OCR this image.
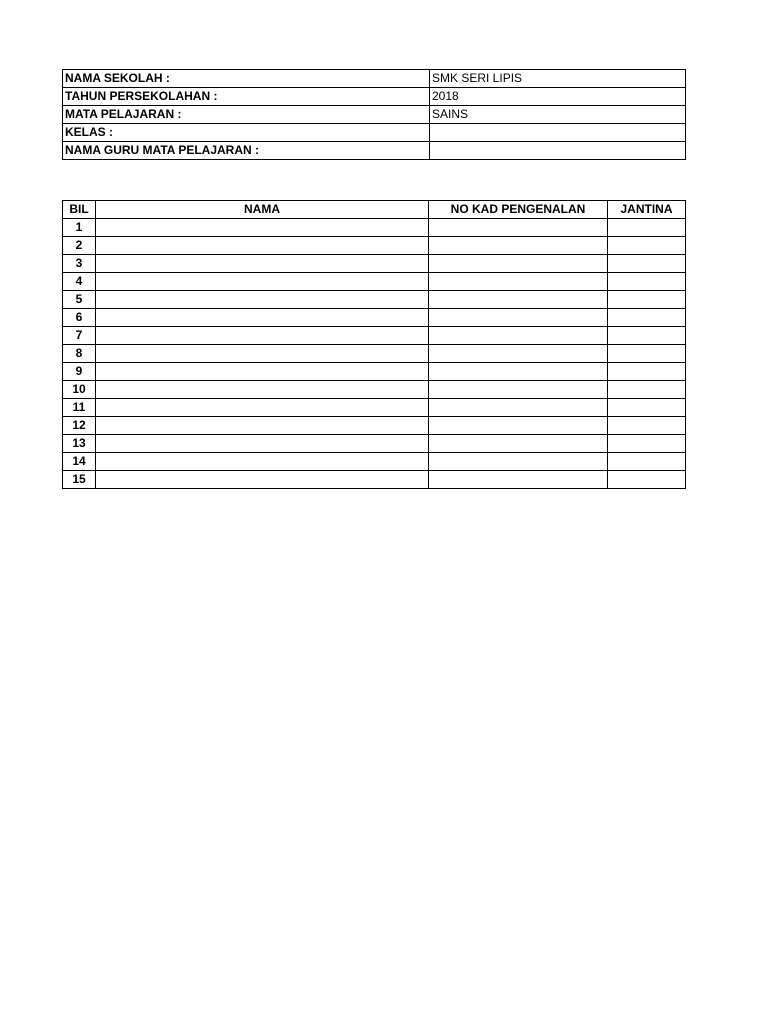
NAMA SEKOLAH :	SMK SERI LIPIS
TAHUN PERSEKOLAHAN :	2018
MATA PELAJARAN :	SAINS
KELAS :	
NAMA GURU MATA PELAJARAN :	
BIL	NAMA	NO KAD PENGENALAN	JANTINA
1			
2			
3			
4			
5			
6			
7			
8			
9			
10			
11			
12			
13			
14			
15			
